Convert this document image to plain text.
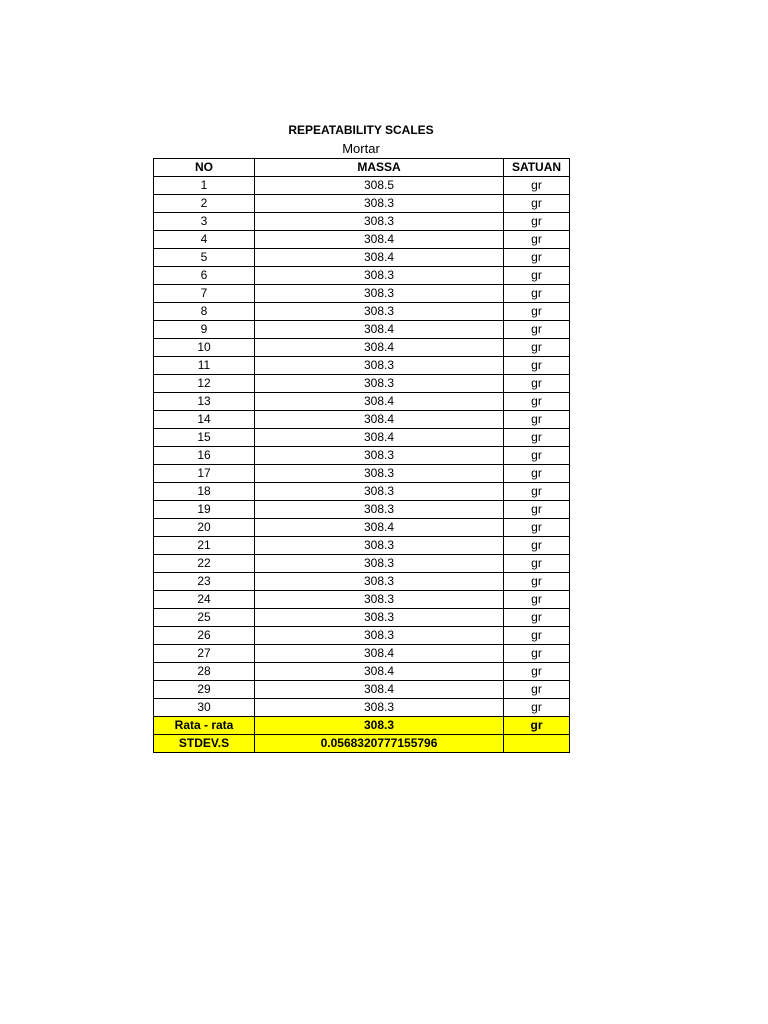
REPEATABILITY SCALES
Mortar
NO	MASSA	SATUAN
1	308.5	gr
2	308.3	gr
3	308.3	gr
4	308.4	gr
5	308.4	gr
6	308.3	gr
7	308.3	gr
8	308.3	gr
9	308.4	gr
10	308.4	gr
11	308.3	gr
12	308.3	gr
13	308.4	gr
14	308.4	gr
15	308.4	gr
16	308.3	gr
17	308.3	gr
18	308.3	gr
19	308.3	gr
20	308.4	gr
21	308.3	gr
22	308.3	gr
23	308.3	gr
24	308.3	gr
25	308.3	gr
26	308.3	gr
27	308.4	gr
28	308.4	gr
29	308.4	gr
30	308.3	gr
Rata - rata	308.3	gr
STDEV.S	0.0568320777155796	
